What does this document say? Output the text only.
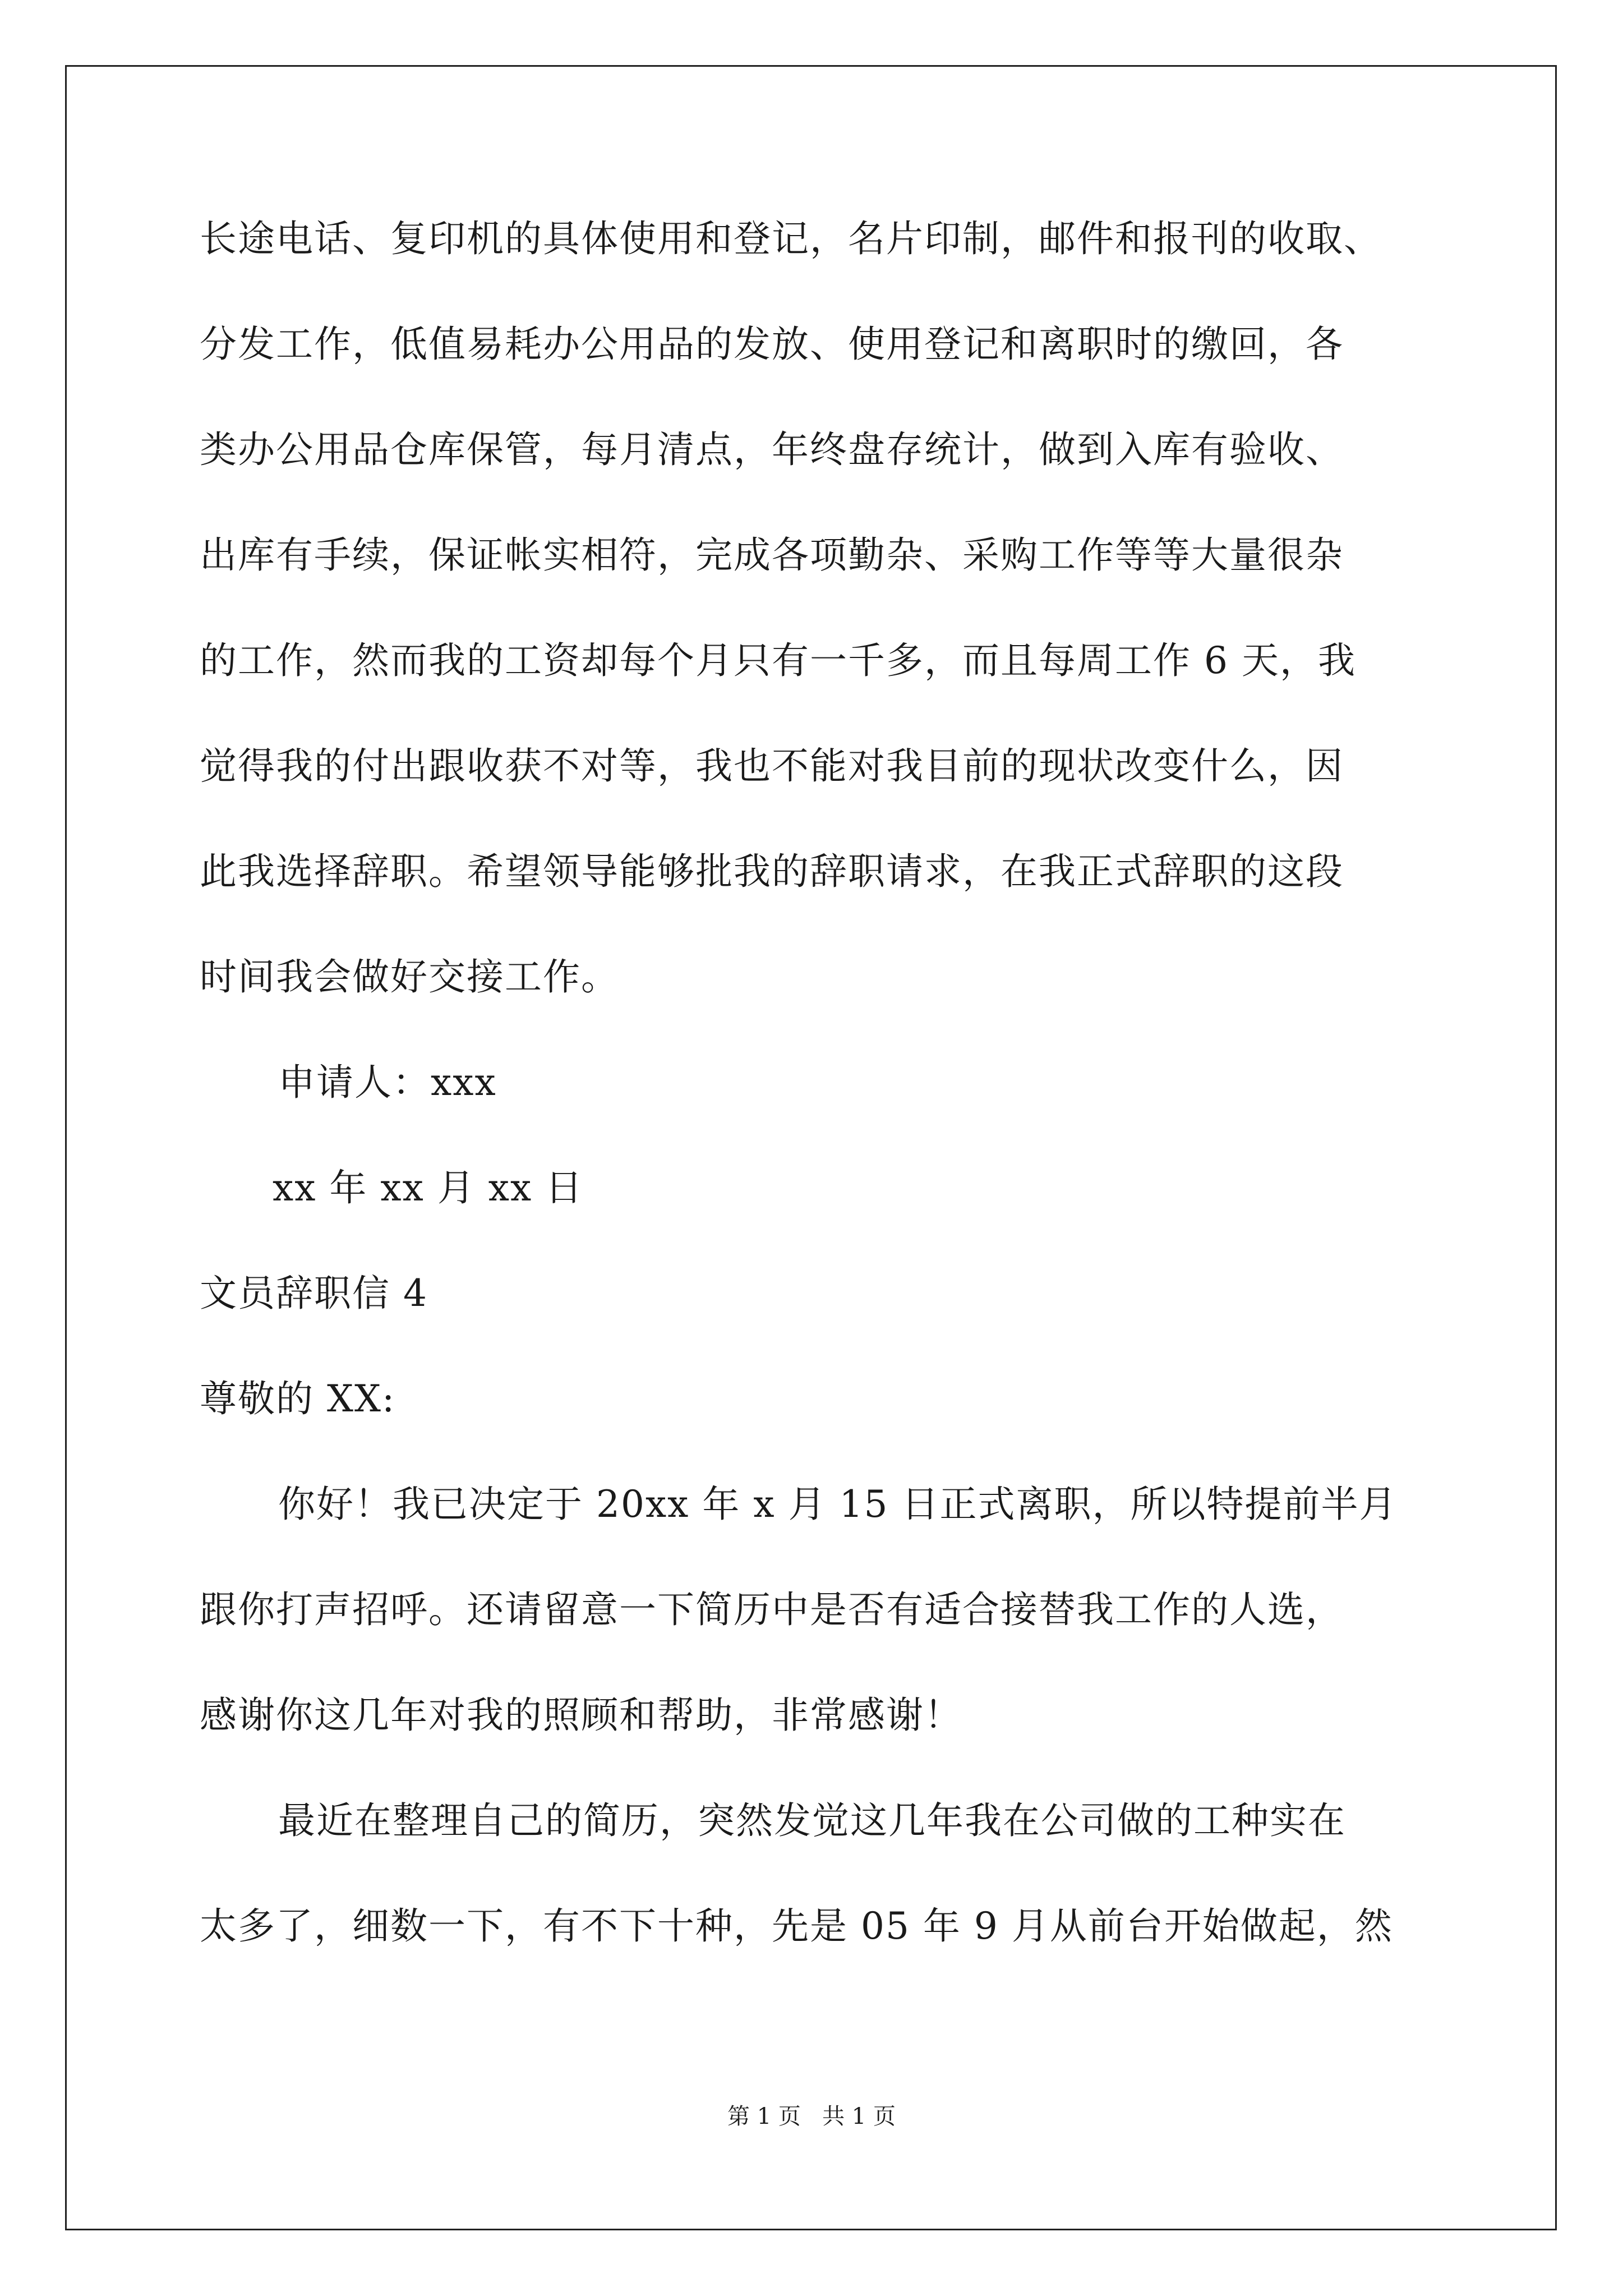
长途电话、复印机的具体使用和登记，名片印制，邮件和报刊的收取、
分发工作，低值易耗办公用品的发放、使用登记和离职时的缴回，各
类办公用品仓库保管，每月清点，年终盘存统计，做到入库有验收、
出库有手续，保证帐实相符，完成各项勤杂、采购工作等等大量很杂
的工作，然而我的工资却每个月只有一千多，而且每周工作 6 天，我
觉得我的付出跟收获不对等，我也不能对我目前的现状改变什么，因
此我选择辞职。希望领导能够批我的辞职请求，在我正式辞职的这段
时间我会做好交接工作。
申请人：xxx
xx 年 xx 月 xx 日
文员辞职信 4
尊敬的 XX:
你好！我已决定于 20xx 年 x 月 15 日正式离职，所以特提前半月
跟你打声招呼。还请留意一下简历中是否有适合接替我工作的人选，
感谢你这几年对我的照顾和帮助，非常感谢！
最近在整理自己的简历，突然发觉这几年我在公司做的工种实在
太多了，细数一下，有不下十种，先是 05 年 9 月从前台开始做起，然
第 1 页   共 1 页
